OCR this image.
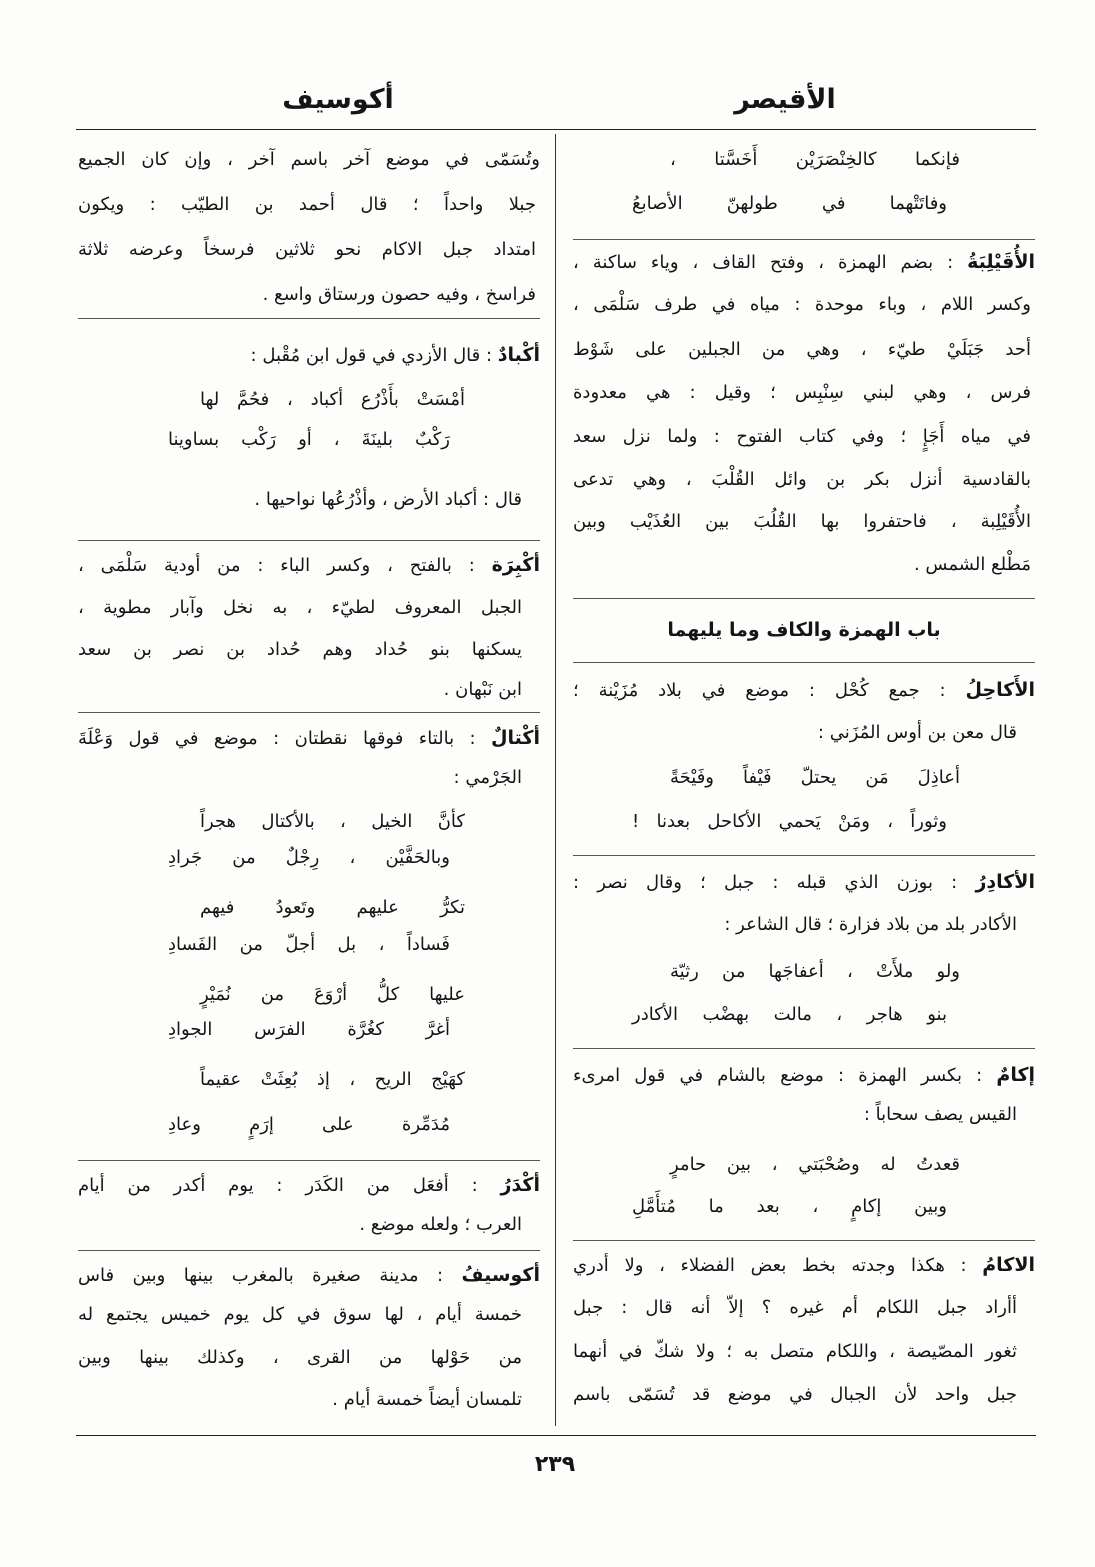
الأقيصر
أكوسيف
فإنكما كالخِنْصَرَيْن أَخَسَّتا ،
وفاتَتْهما في طولهنّ الأصابعُ
الأُقَيْلِبَةُ : بضم الهمزة ، وفتح القاف ، وياء ساكنة ،
وكسر اللام ، وباء موحدة : مياه في طرف سَلْمَى ،
أحد جَبَلَيْ طيّء ، وهي من الجبلين على شَوْط
فرس ، وهي لبني سِنْبِس ؛ وقيل : هي معدودة
في مياه أَجَإٍ ؛ وفي كتاب الفتوح : ولما نزل سعد
بالقادسية أنزل بكر بن وائل القُلْبَ ، وهي تدعى
الأُقَيْلِبة ، فاحتفروا بها القُلُبَ بين العُذَيْب وبين
مَطْلع الشمس .
باب الهمزة والكاف وما يليهما
الأَكاحِلُ : جمع كُحْل : موضع في بلاد مُزَيْنة ؛
قال معن بن أوس المُزَني :
أعاذِلَ مَن يحتلّ فَيْفاً وفَيْحَةً
وثوراً ، ومَنْ يَحمي الأكاحل بعدنا !
الأكادِرُ : بوزن الذي قبله : جبل ؛ وقال نصر :
الأكادر بلد من بلاد فزارة ؛ قال الشاعر :
ولو ملأَتْ ، أعفاجَها من رثيّة
بنو هاجر ، مالت بهضْب الأكادر
إكامٌ : بكسر الهمزة : موضع بالشام في قول امرىء
القيس يصف سحاباً :
قعدتُ له وصُحْبَتي ، بين حامرٍ
وبين إكامٍ ، بعد ما مُتأَمَّلِ
الاكامُ : هكذا وجدته بخط بعض الفضلاء ، ولا أدري
أأراد جبل اللكام أم غيره ؟ إلاّ أنه قال : جبل
ثغور المصّيصة ، واللكام متصل به ؛ ولا شكّ في أنهما
جبل واحد لأن الجبال في موضع قد تُسَمّى باسم
وتُسَمّى في موضع آخر باسم آخر ، وإن كان الجميع
جبلا واحداً ؛ قال أحمد بن الطيّب : ويكون
امتداد جبل الاكام نحو ثلاثين فرسخاً وعرضه ثلاثة
فراسخ ، وفيه حصون ورستاق واسع .
أكْبادٌ : قال الأزدي في قول ابن مُقْبل :
أمْسَتْ بأَذْرُع أكباد ، فحُمَّ لها
رَكْبٌ بلينَةَ ، أو رَكْب بساوينا
قال : أكباد الأرض ، وأذْرُعُها نواحيها .
أكْبِرَة : بالفتح ، وكسر الباء : من أودية سَلْمَى ،
الجبل المعروف لطيّء ، به نخل وآبار مطوية ،
يسكنها بنو حُداد وهم حُداد بن نصر بن سعد
ابن نَبْهان .
أكْتالٌ : بالتاء فوقها نقطتان : موضع في قول وَعْلَةَ
الجَرْمي :
كأنَّ الخيل ، بالأكتال هجراً
وبالحَفَّيْن ، رِجْلٌ من جَرادِ
تكرُّ عليهم وتَعودُ فيهم
فَساداً ، بل أجلّ من الفَسادِ
عليها كلُّ أرْوَعَ من نُمَيْرٍ
أغرَّ كغُرَّة الفرَس الجوادِ
كهَيْج الريح ، إذ بُعِثَتْ عقيماً
مُدَمِّرة على إرَمٍ وعادِ
أكْدَرُ : أفعَل من الكَدَر : يوم أكدر من أيام
العرب ؛ ولعله موضع .
أكوسيفُ : مدينة صغيرة بالمغرب بينها وبين فاس
خمسة أيام ، لها سوق في كل يوم خميس يجتمع له
من حَوْلها من القرى ، وكذلك بينها وبين
تلمسان أيضاً خمسة أيام .
٢٣٩
